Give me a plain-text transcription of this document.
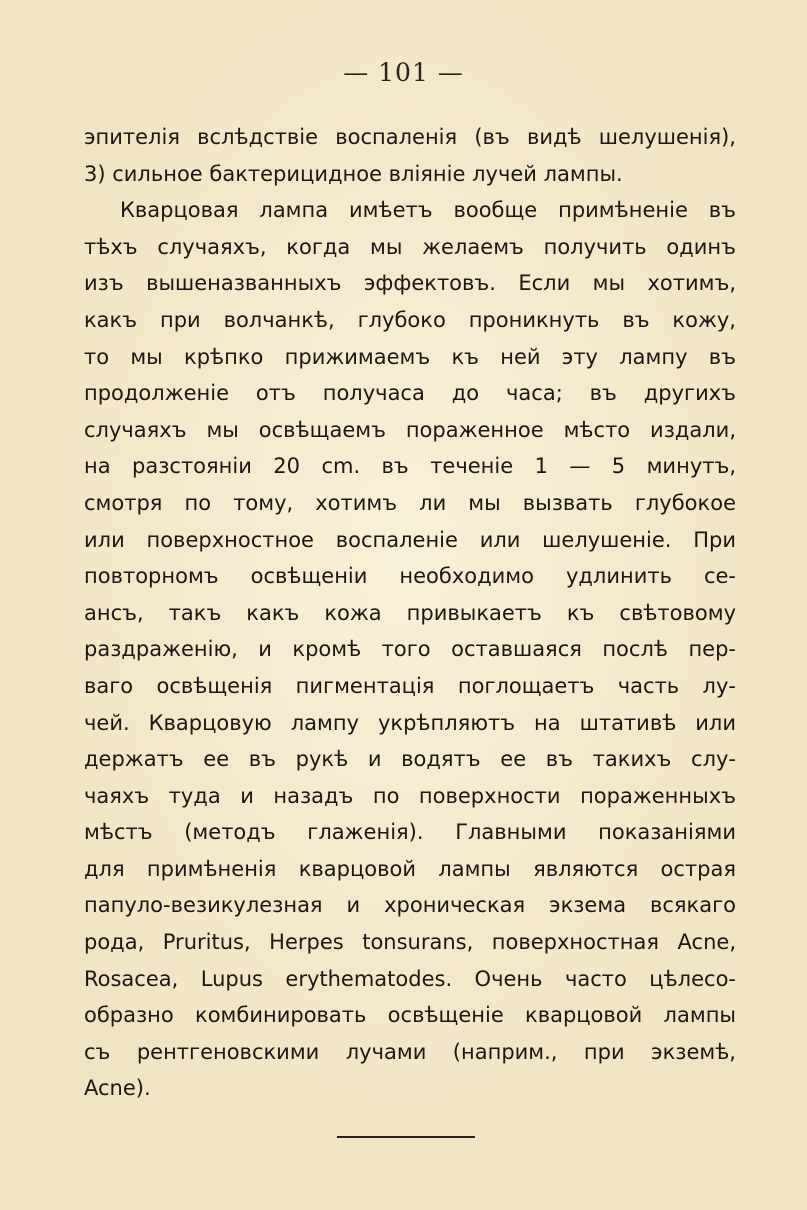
— 101 —
эпителія вслѣдствіе воспаленія (въ видѣ шелушенія),
3) сильное бактерицидное вліяніе лучей лампы.
Кварцовая лампа имѣетъ вообще примѣненіе въ
тѣхъ случаяхъ, когда мы желаемъ получить одинъ
изъ вышеназванныхъ эффектовъ. Если мы хотимъ,
какъ при волчанкѣ, глубоко проникнуть въ кожу,
то мы крѣпко прижимаемъ къ ней эту лампу въ
продолженіе отъ получаса до часа; въ другихъ
случаяхъ мы освѣщаемъ пораженное мѣсто издали,
на разстояніи 20 cm. въ теченіе 1 — 5 минутъ,
смотря по тому, хотимъ ли мы вызвать глубокое
или поверхностное воспаленіе или шелушеніе. При
повторномъ освѣщеніи необходимо удлинить се-
ансъ, такъ какъ кожа привыкаетъ къ свѣтовому
раздраженію, и кромѣ того оставшаяся послѣ пер-
ваго освѣщенія пигментація поглощаетъ часть лу-
чей. Кварцовую лампу укрѣпляютъ на штативѣ или
держатъ ее въ рукѣ и водятъ ее въ такихъ слу-
чаяхъ туда и назадъ по поверхности пораженныхъ
мѣстъ (методъ глаженія). Главными показаніями
для примѣненія кварцовой лампы являются острая
папуло-везикулезная и хроническая экзема всякаго
рода, Pruritus, Herpes tonsurans, поверхностная Acne,
Rosacea, Lupus erythematodes. Очень часто цѣлесо-
образно комбинировать освѣщеніе кварцовой лампы
съ рентгеновскими лучами (наприм., при экземѣ,
Acne).
